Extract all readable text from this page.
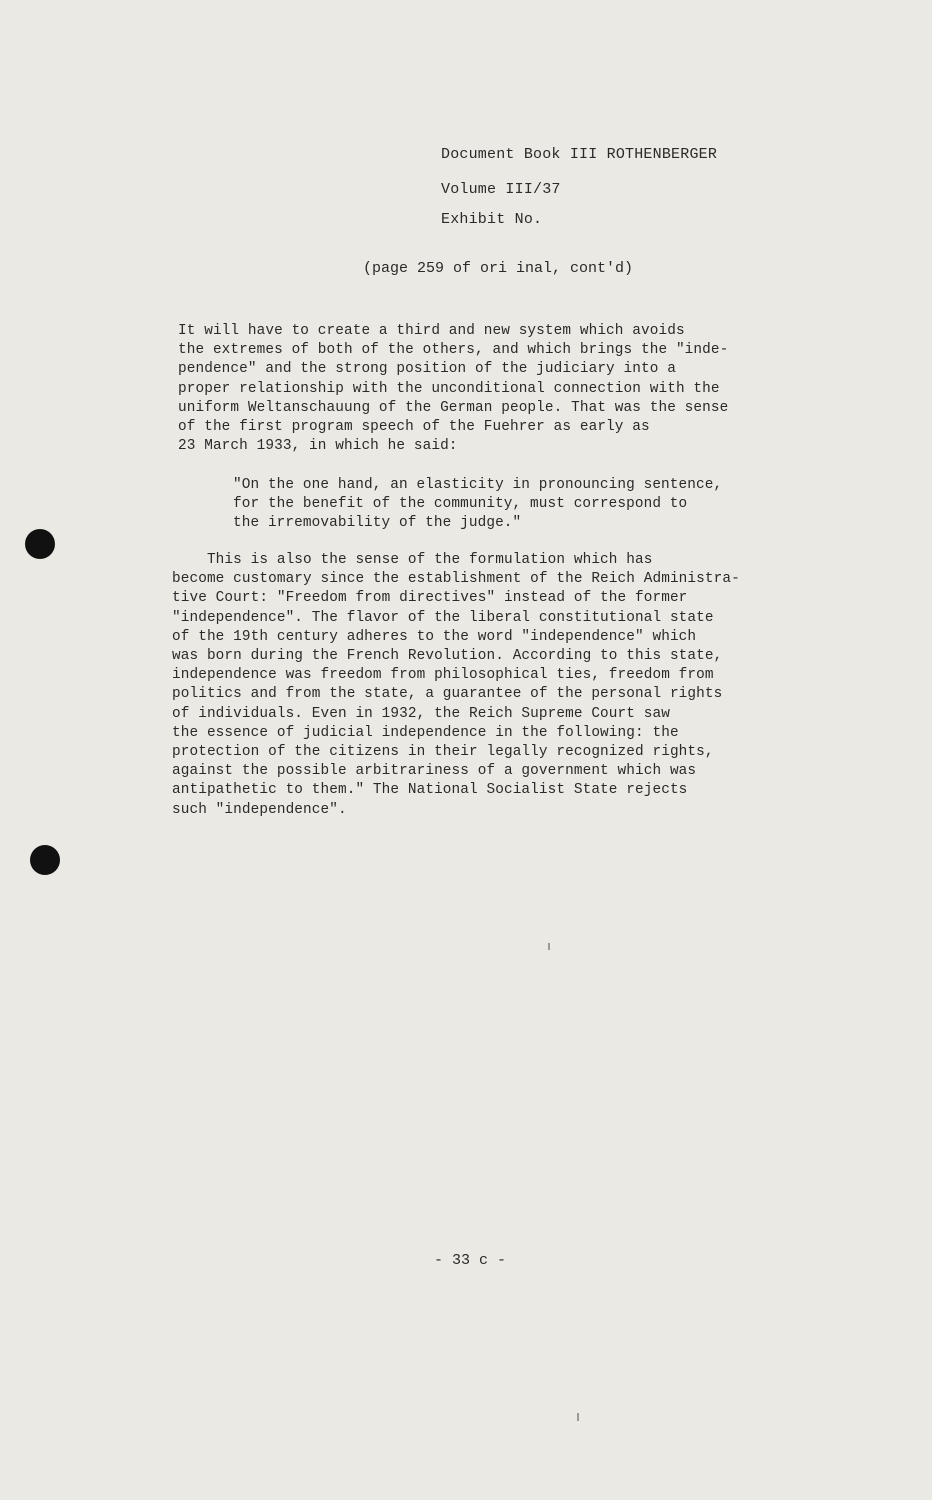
Document Book III ROTHENBERGER
Volume III/37
Exhibit No.
(page 259 of ori inal, cont'd)
It will have to create a third and new system which avoids
the extremes of both of the others, and which brings the "inde-
pendence" and the strong position of the judiciary into a
proper relationship with the unconditional connection with the
uniform Weltanschauung of the German people. That was the sense
of the first program speech of the Fuehrer as early as
23 March 1933, in which he said:
"On the one hand, an elasticity in pronouncing sentence,
for the benefit of the community, must correspond to
the irremovability of the judge."
This is also the sense of the formulation which has
become customary since the establishment of the Reich Administra-
tive Court: "Freedom from directives" instead of the former
"independence". The flavor of the liberal constitutional state
of the 19th century adheres to the word "independence" which
was born during the French Revolution. According to this state,
independence was freedom from philosophical ties, freedom from
politics and from the state, a guarantee of the personal rights
of individuals. Even in 1932, the Reich Supreme Court saw
the essence of judicial independence in the following: the
protection of the citizens in their legally recognized rights,
against the possible arbitrariness of a government which was
antipathetic to them." The National Socialist State rejects
such "independence".
- 33 c -
